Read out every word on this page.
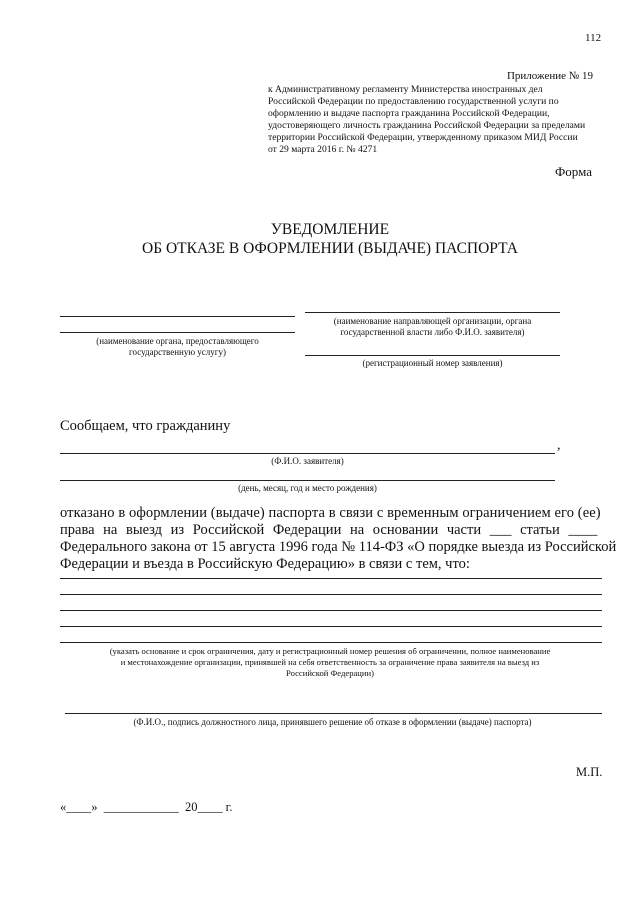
112
Приложение № 19
к Административному регламенту Министерства иностранных дел
Российской Федерации по предоставлению государственной услуги по
оформлению и выдаче паспорта гражданина Российской Федерации,
удостоверяющего личность гражданина Российской Федерации за пределами
территории Российской Федерации, утвержденному приказом МИД России
от 29 марта 2016 г. № 4271
Форма
УВЕДОМЛЕНИЕ
ОБ ОТКАЗЕ В ОФОРМЛЕНИИ (ВЫДАЧЕ) ПАСПОРТА
(наименование органа, предоставляющего
государственную услугу)
(наименование направляющей организации, органа
государственной власти либо Ф.И.О. заявителя)
(регистрационный номер заявления)
Сообщаем, что гражданину
,
(Ф.И.О. заявителя)
(день, месяц, год и место рождения)
отказано в оформлении (выдаче) паспорта в связи с временным ограничением его (ее)
права на выезд из Российской Федерации на основании части ___ статьи ____
Федерального закона от 15 августа 1996 года № 114-ФЗ «О порядке выезда из Российской
Федерации и въезда в Российскую Федерацию» в связи с тем, что:
(указать основание и срок ограничения, дату и регистрационный номер решения об ограничении, полное наименование
и местонахождение организации, принявшей на себя ответственность за ограничение права заявителя на выезд из
Российской Федерации)
(Ф.И.О., подпись должностного лица, принявшего решение об отказе в оформлении (выдаче) паспорта)
М.П.
«____»  ____________  20____ г.
